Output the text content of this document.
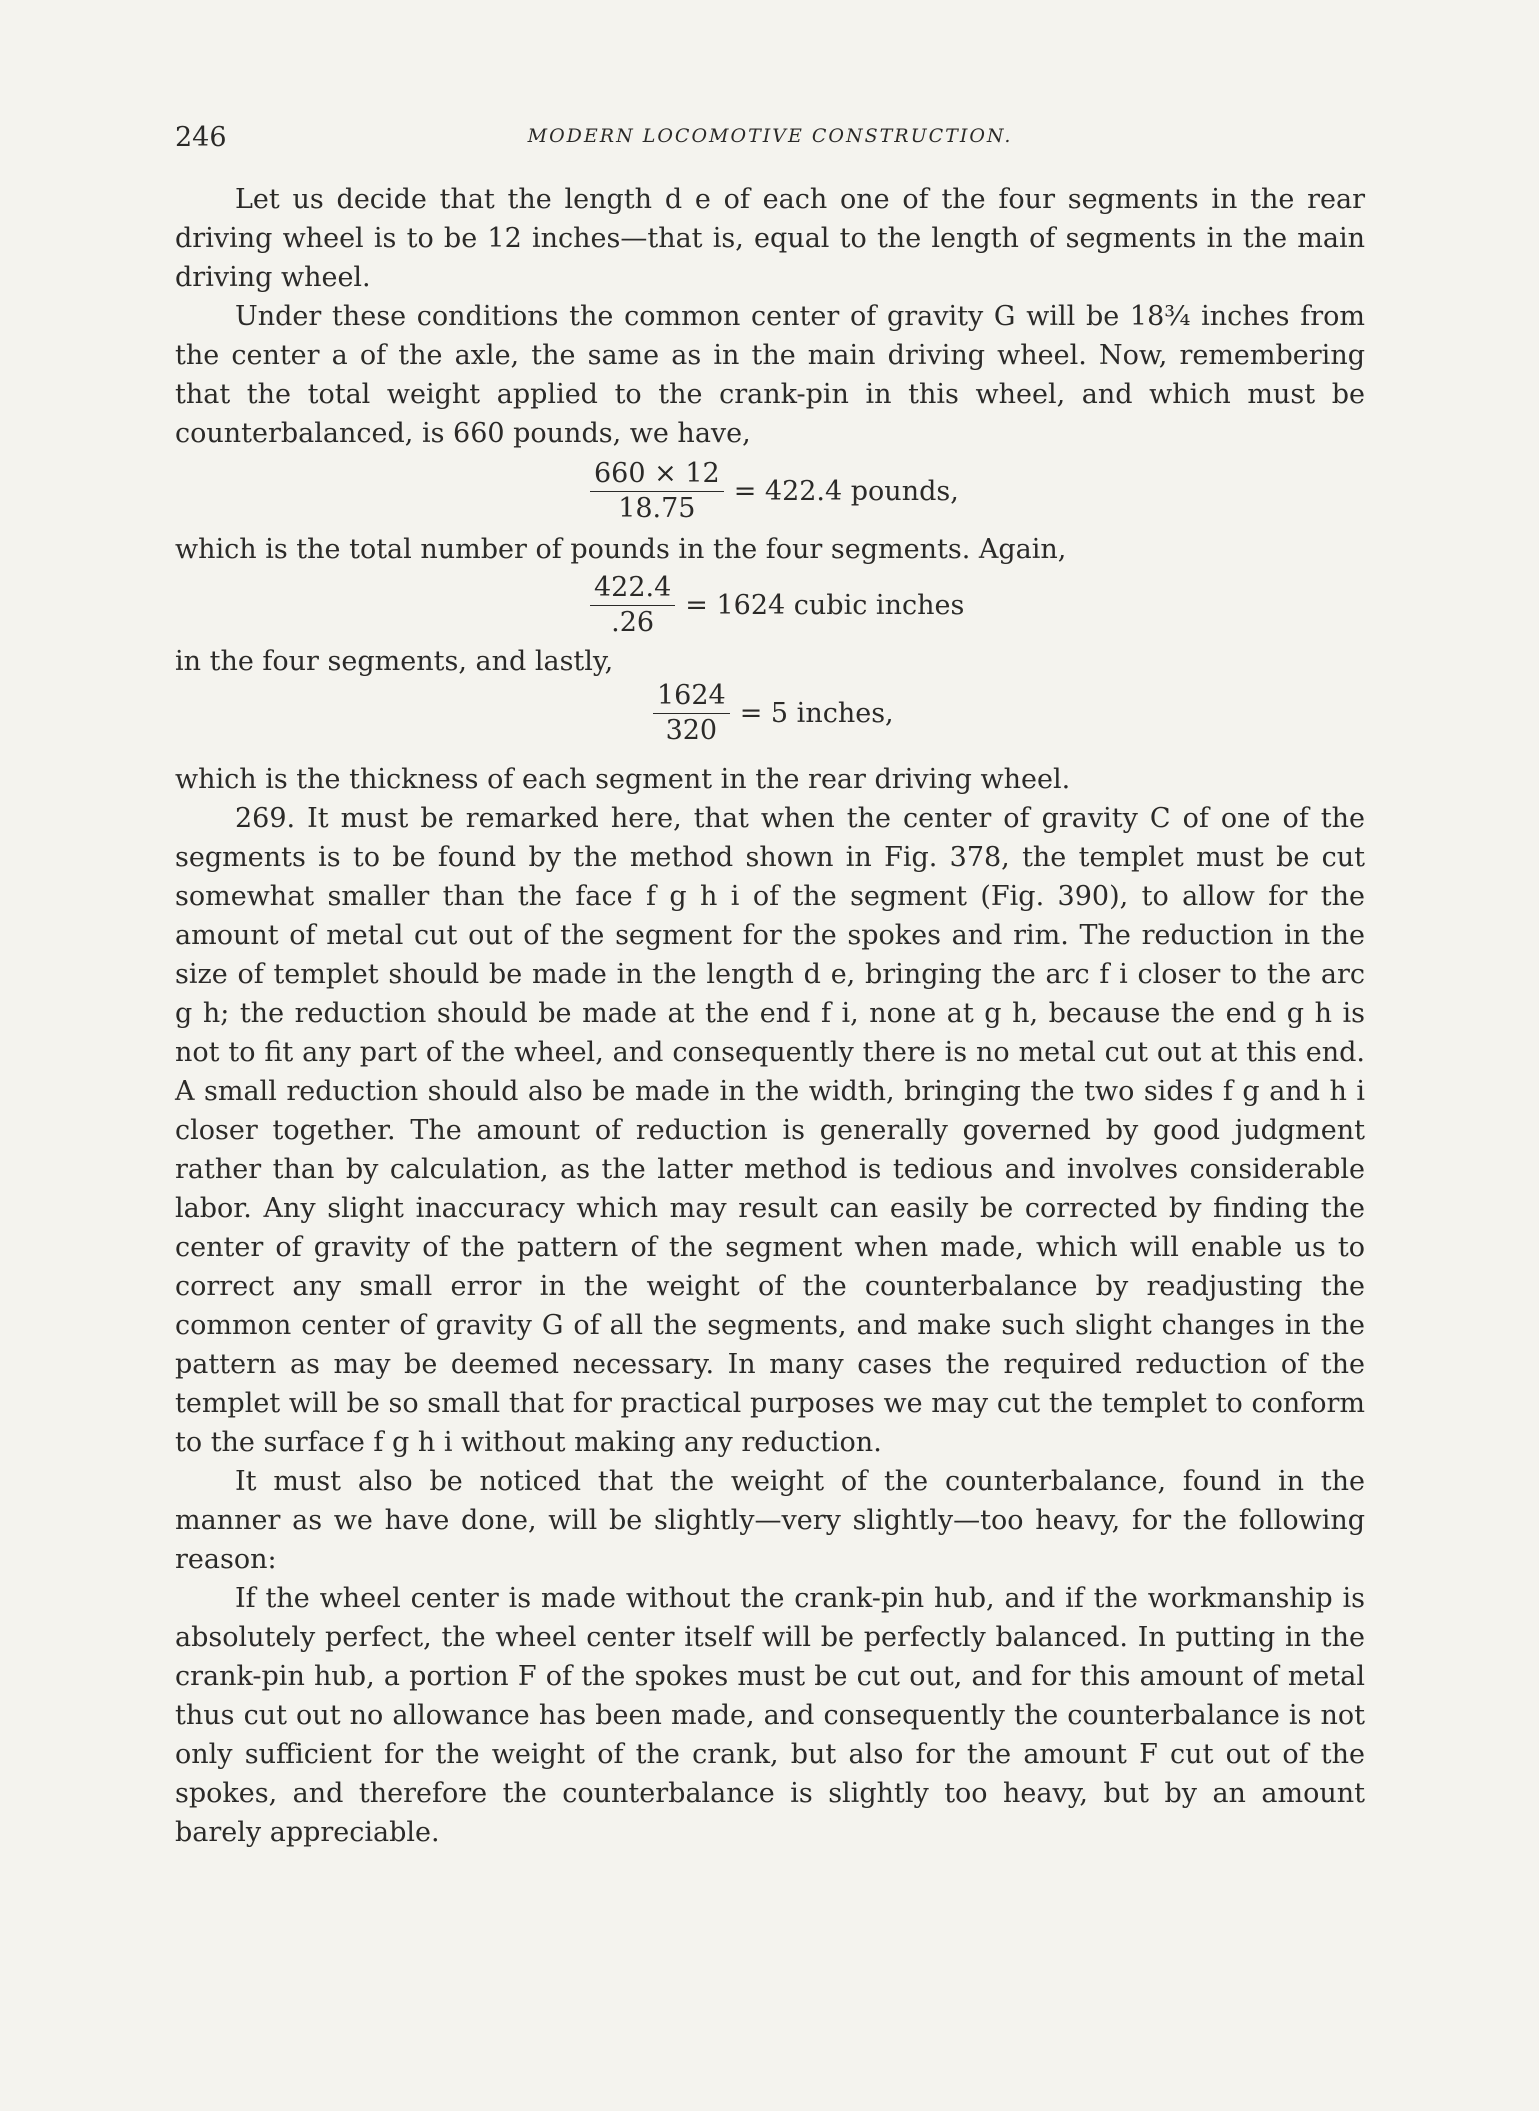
246	MODERN LOCOMOTIVE CONSTRUCTION.

Let us decide that the length d e of each one of the four segments in the rear driving wheel is to be 12 inches—that is, equal to the length of segments in the main driving wheel.

Under these conditions the common center of gravity G will be 18¾ inches from the center a of the axle, the same as in the main driving wheel. Now, remembering that the total weight applied to the crank-pin in this wheel, and which must be counterbalanced, is 660 pounds, we have,

$\frac{660 \times 12}{18.75} = 422.4$ pounds,

which is the total number of pounds in the four segments. Again,

$\frac{422.4}{.26} = 1624$ cubic inches

in the four segments, and lastly,

$\frac{1624}{320} = 5$ inches,

which is the thickness of each segment in the rear driving wheel.

269. It must be remarked here, that when the center of gravity C of one of the segments is to be found by the method shown in Fig. 378, the templet must be cut somewhat smaller than the face f g h i of the segment (Fig. 390), to allow for the amount of metal cut out of the segment for the spokes and rim. The reduction in the size of templet should be made in the length d e, bringing the arc f i closer to the arc g h; the reduction should be made at the end f i, none at g h, because the end g h is not to fit any part of the wheel, and consequently there is no metal cut out at this end. A small reduction should also be made in the width, bringing the two sides f g and h i closer together. The amount of reduction is generally governed by good judgment rather than by calculation, as the latter method is tedious and involves considerable labor. Any slight inaccuracy which may result can easily be corrected by finding the center of gravity of the pattern of the segment when made, which will enable us to correct any small error in the weight of the counterbalance by readjusting the common center of gravity G of all the segments, and make such slight changes in the pattern as may be deemed necessary. In many cases the required reduction of the templet will be so small that for practical purposes we may cut the templet to conform to the surface f g h i without making any reduction.

It must also be noticed that the weight of the counterbalance, found in the manner as we have done, will be slightly—very slightly—too heavy, for the following reason:

If the wheel center is made without the crank-pin hub, and if the workmanship is absolutely perfect, the wheel center itself will be perfectly balanced. In putting in the crank-pin hub, a portion F of the spokes must be cut out, and for this amount of metal thus cut out no allowance has been made, and consequently the counterbalance is not only sufficient for the weight of the crank, but also for the amount F cut out of the spokes, and therefore the counterbalance is slightly too heavy, but by an amount barely appreciable.
